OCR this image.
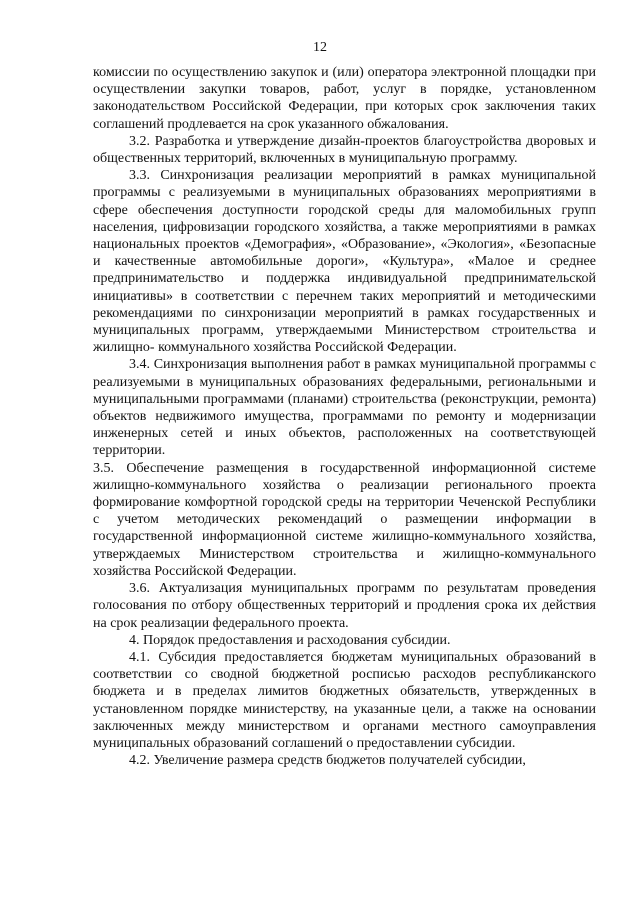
12

комиссии по осуществлению закупок и (или) оператора электронной площадки при осуществлении закупки товаров, работ, услуг в порядке, установленном законодательством Российской Федерации, при которых срок заключения таких соглашений продлевается на срок указанного обжалования.

3.2. Разработка и утверждение дизайн-проектов благоустройства дворовых и общественных территорий, включенных в муниципальную программу.

3.3. Синхронизация реализации мероприятий в рамках муниципальной программы с реализуемыми в муниципальных образованиях мероприятиями в сфере обеспечения доступности городской среды для маломобильных групп населения, цифровизации городского хозяйства, а также мероприятиями в рамках национальных проектов «Демография», «Образование», «Экология», «Безопасные и качественные автомобильные дороги», «Культура», «Малое и среднее предпринимательство и поддержка индивидуальной предпринимательской инициативы» в соответствии с перечнем таких мероприятий и методическими рекомендациями по синхронизации мероприятий в рамках государственных и муниципальных программ, утверждаемыми Министерством строительства и жилищно- коммунального хозяйства Российской Федерации.

3.4. Синхронизация выполнения работ в рамках муниципальной программы с реализуемыми в муниципальных образованиях федеральными, региональными и муниципальными программами (планами) строительства (реконструкции, ремонта) объектов недвижимого имущества, программами по ремонту и модернизации инженерных сетей и иных объектов, расположенных на соответствующей территории.

3.5. Обеспечение размещения в государственной информационной системе жилищно-коммунального хозяйства о реализации регионального проекта формирование комфортной городской среды на территории Чеченской Республики с учетом методических рекомендаций о размещении информации в государственной информационной системе жилищно-коммунального хозяйства, утверждаемых Министерством строительства и жилищно-коммунального хозяйства Российской Федерации.

3.6. Актуализация муниципальных программ по результатам проведения голосования по отбору общественных территорий и продления срока их действия на срок реализации федерального проекта.

4. Порядок предоставления и расходования субсидии.

4.1. Субсидия предоставляется бюджетам муниципальных образований в соответствии со сводной бюджетной росписью расходов республиканского бюджета и в пределах лимитов бюджетных обязательств, утвержденных в установленном порядке министерству, на указанные цели, а также на основании заключенных между министерством и органами местного самоуправления муниципальных образований соглашений о предоставлении субсидии.

4.2. Увеличение размера средств бюджетов получателей субсидии,
